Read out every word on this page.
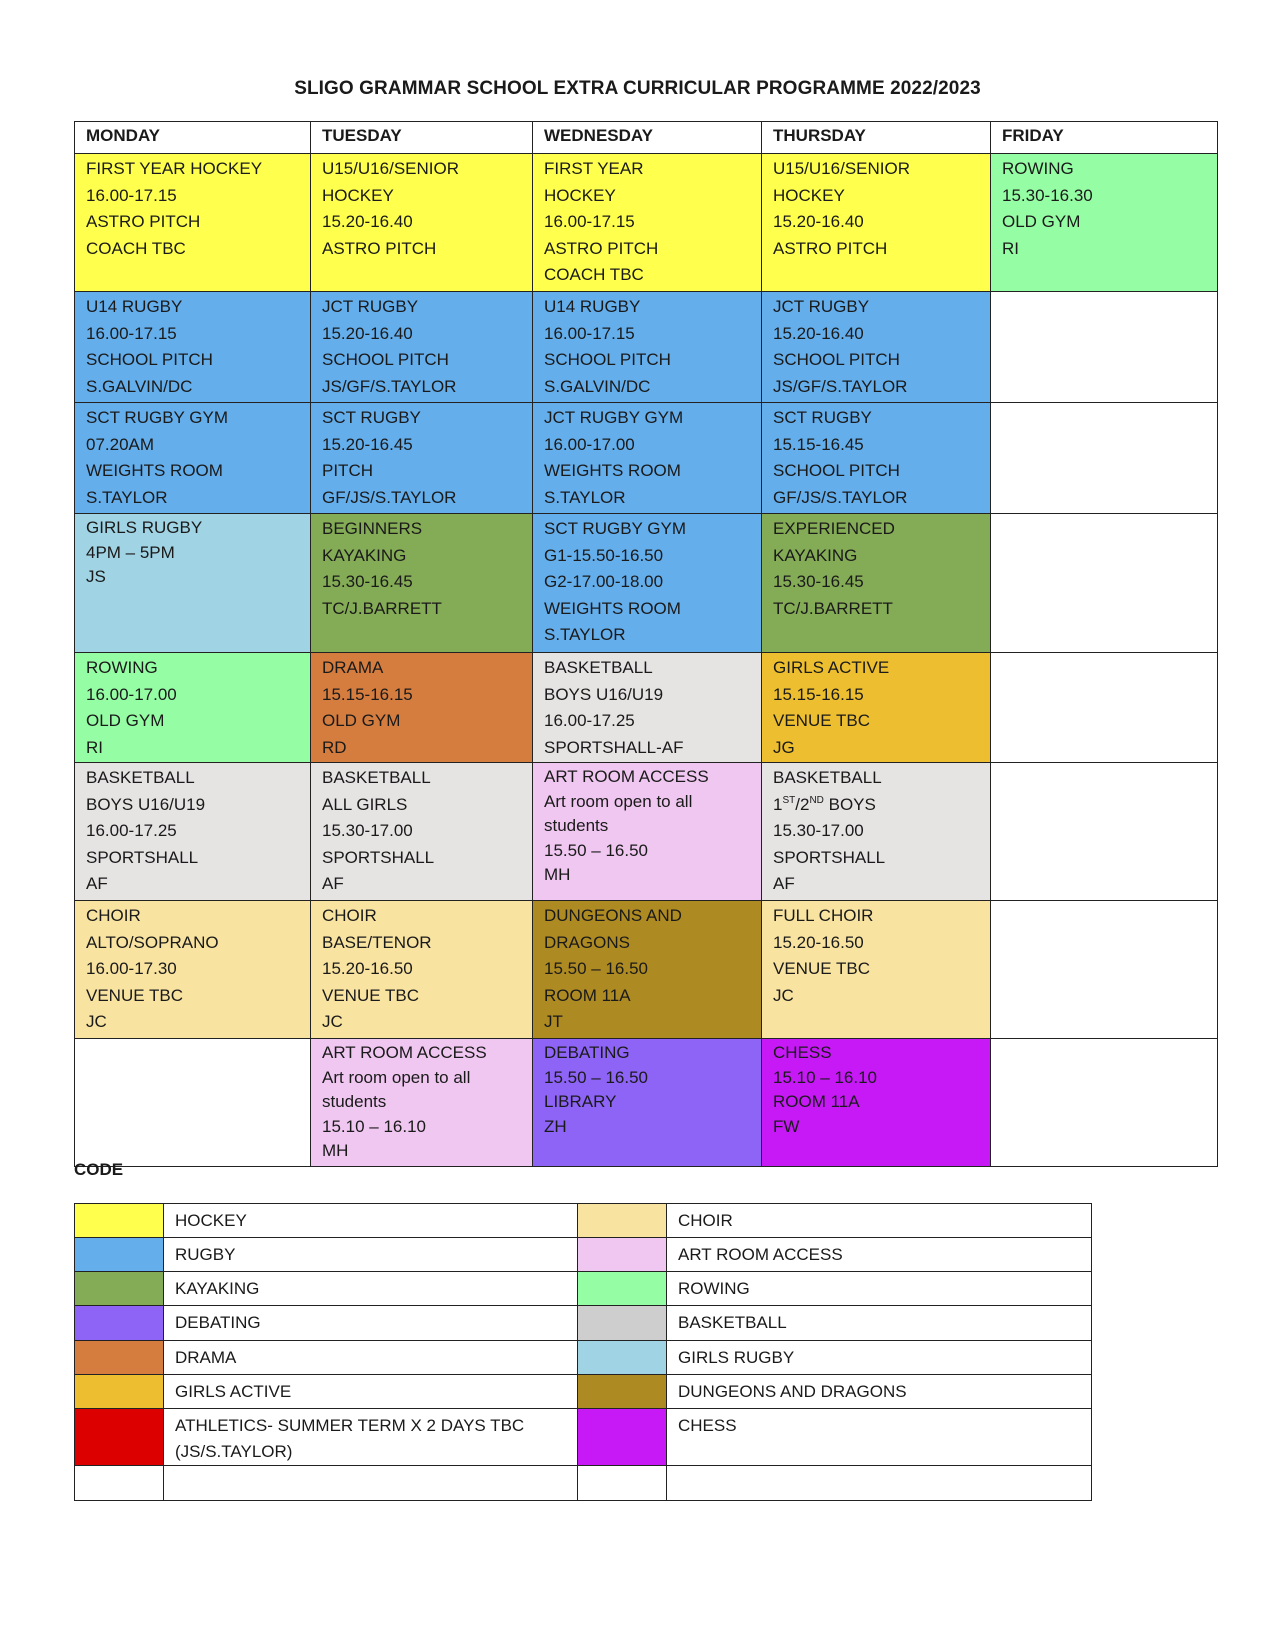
SLIGO GRAMMAR SCHOOL EXTRA CURRICULAR PROGRAMME 2022/2023
MONDAY	TUESDAY	WEDNESDAY	THURSDAY	FRIDAY

FIRST YEAR HOCKEY
16.00-17.15
ASTRO PITCH
COACH TBC	U15/U16/SENIOR
HOCKEY
15.20-16.40
ASTRO PITCH	FIRST YEAR
HOCKEY
16.00-17.15
ASTRO PITCH
COACH TBC	U15/U16/SENIOR
HOCKEY
15.20-16.40
ASTRO PITCH	ROWING
15.30-16.30
OLD GYM
RI

U14 RUGBY
16.00-17.15
SCHOOL PITCH
S.GALVIN/DC	JCT RUGBY
15.20-16.40
SCHOOL PITCH
JS/GF/S.TAYLOR	U14 RUGBY
16.00-17.15
SCHOOL PITCH
S.GALVIN/DC	JCT RUGBY
15.20-16.40
SCHOOL PITCH
JS/GF/S.TAYLOR	

SCT RUGBY GYM
07.20AM
WEIGHTS ROOM
S.TAYLOR	SCT RUGBY
15.20-16.45
PITCH
GF/JS/S.TAYLOR	JCT RUGBY GYM
16.00-17.00
WEIGHTS ROOM
S.TAYLOR	SCT RUGBY
15.15-16.45
SCHOOL PITCH
GF/JS/S.TAYLOR	

GIRLS RUGBY
4PM – 5PM
JS	BEGINNERS
KAYAKING
15.30-16.45
TC/J.BARRETT	SCT RUGBY GYM
G1-15.50-16.50
G2-17.00-18.00
WEIGHTS ROOM
S.TAYLOR	EXPERIENCED
KAYAKING
15.30-16.45
TC/J.BARRETT	

ROWING
16.00-17.00
OLD GYM
RI	DRAMA
15.15-16.15
OLD GYM
RD	BASKETBALL
BOYS U16/U19
16.00-17.25
SPORTSHALL-AF	GIRLS ACTIVE
15.15-16.15
VENUE TBC
JG	

BASKETBALL
BOYS U16/U19
16.00-17.25
SPORTSHALL
AF	BASKETBALL
ALL GIRLS
15.30-17.00
SPORTSHALL
AF	ART ROOM ACCESS
Art room open to all
students
15.50 – 16.50
MH	BASKETBALL
1ST/2ND BOYS
15.30-17.00
SPORTSHALL
AF	

CHOIR
ALTO/SOPRANO
16.00-17.30
VENUE TBC
JC	CHOIR
BASE/TENOR
15.20-16.50
VENUE TBC
JC	DUNGEONS AND
DRAGONS
15.50 – 16.50
ROOM 11A
JT	FULL CHOIR
15.20-16.50
VENUE TBC
JC	

	ART ROOM ACCESS
Art room open to all
students
15.10 – 16.10
MH	DEBATING
15.50 – 16.50
LIBRARY
ZH	CHESS
15.10 – 16.10
ROOM 11A
FW	

CODE
	HOCKEY		CHOIR
	RUGBY		ART ROOM ACCESS
	KAYAKING		ROWING
	DEBATING		BASKETBALL
	DRAMA		GIRLS RUGBY
	GIRLS ACTIVE		DUNGEONS AND DRAGONS
	ATHLETICS- SUMMER TERM X 2 DAYS TBC (JS/S.TAYLOR)		CHESS
